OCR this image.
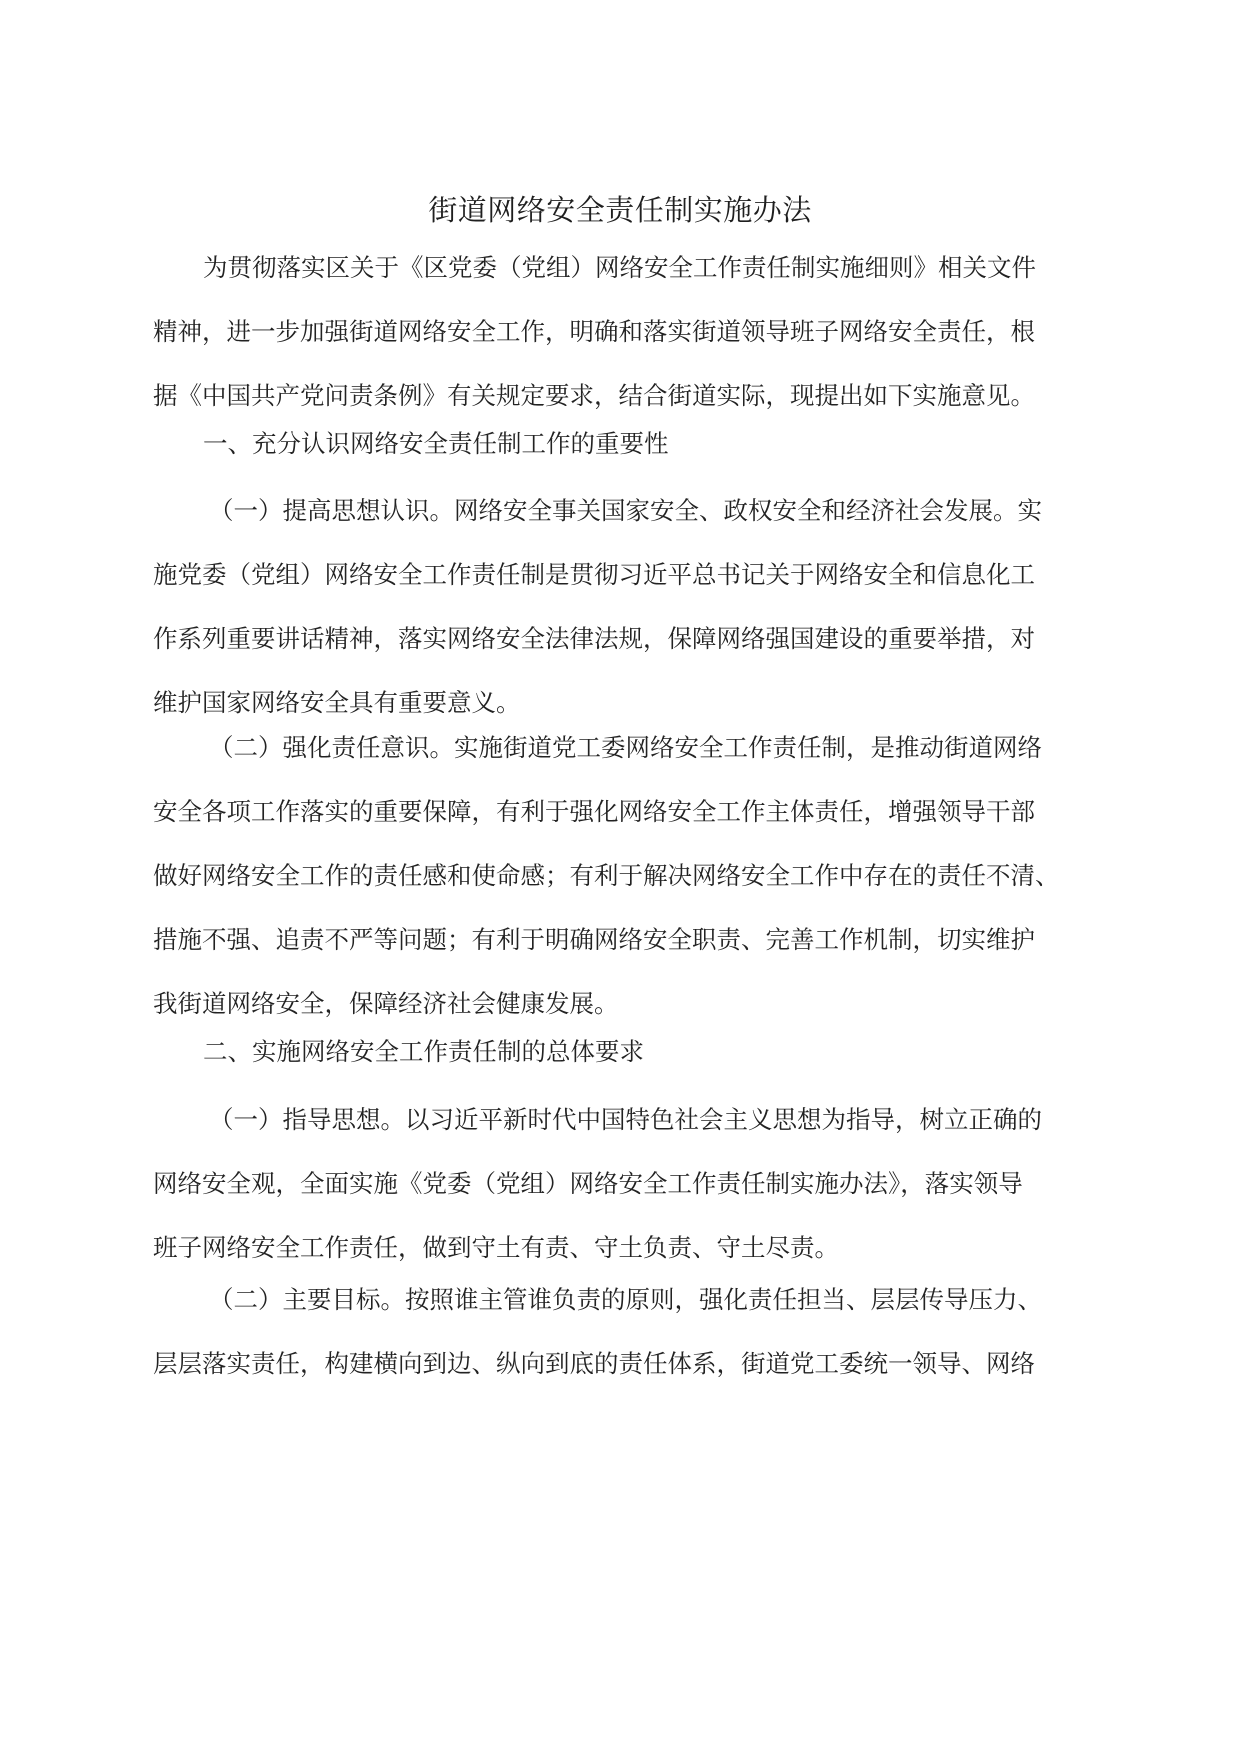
街道网络安全责任制实施办法

为贯彻落实区关于《区党委（党组）网络安全工作责任制实施细则》相关文件
精神，进一步加强街道网络安全工作，明确和落实街道领导班子网络安全责任，根
据《中国共产党问责条例》有关规定要求，结合街道实际，现提出如下实施意见。

一、充分认识网络安全责任制工作的重要性

（一）提高思想认识。网络安全事关国家安全、政权安全和经济社会发展。实
施党委（党组）网络安全工作责任制是贯彻习近平总书记关于网络安全和信息化工
作系列重要讲话精神，落实网络安全法律法规，保障网络强国建设的重要举措，对
维护国家网络安全具有重要意义。

（二）强化责任意识。实施街道党工委网络安全工作责任制，是推动街道网络
安全各项工作落实的重要保障，有利于强化网络安全工作主体责任，增强领导干部
做好网络安全工作的责任感和使命感；有利于解决网络安全工作中存在的责任不清、
措施不强、追责不严等问题；有利于明确网络安全职责、完善工作机制，切实维护
我街道网络安全，保障经济社会健康发展。

二、实施网络安全工作责任制的总体要求

（一）指导思想。以习近平新时代中国特色社会主义思想为指导，树立正确的
网络安全观，全面实施《党委（党组）网络安全工作责任制实施办法》，落实领导
班子网络安全工作责任，做到守土有责、守土负责、守土尽责。

（二）主要目标。按照谁主管谁负责的原则，强化责任担当、层层传导压力、
层层落实责任，构建横向到边、纵向到底的责任体系，街道党工委统一领导、网络
